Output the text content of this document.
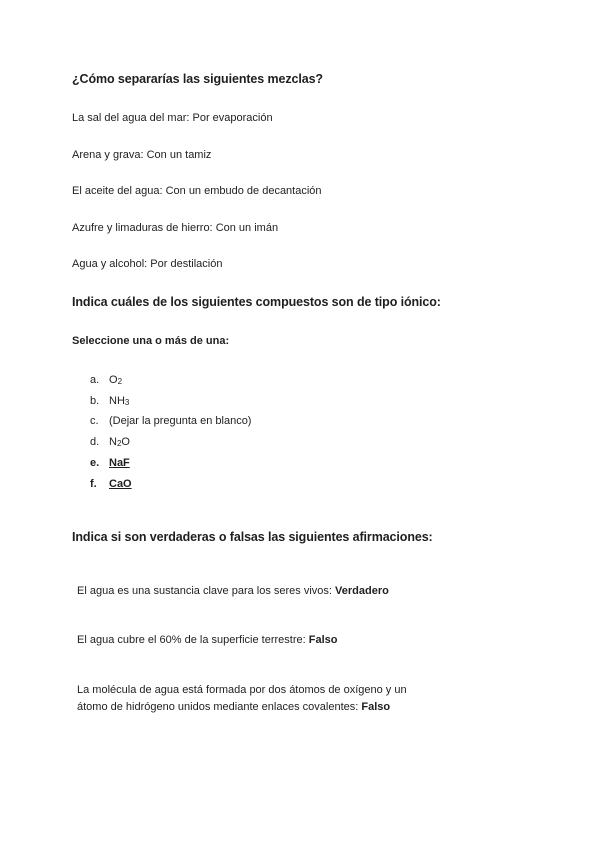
¿Cómo separarías las siguientes mezclas?
La sal del agua del mar: Por evaporación
Arena y grava: Con un tamiz
El aceite del agua: Con un embudo de decantación
Azufre y limaduras de hierro: Con un imán
Agua y alcohol: Por destilación
Indica cuáles de los siguientes compuestos son de tipo iónico:
Seleccione una o más de una:
a. $O_2$
b. $NH_3$
c. (Dejar la pregunta en blanco)
d. $N_2O$
e. NaF
f.	CaO
Indica si son verdaderas o falsas las siguientes afirmaciones:
El agua es una sustancia clave para los seres vivos: Verdadero
El agua cubre el 60% de la superficie terrestre: Falso
La molécula de agua está formada por dos átomos de oxígeno y un átomo de hidrógeno unidos mediante enlaces covalentes: Falso
